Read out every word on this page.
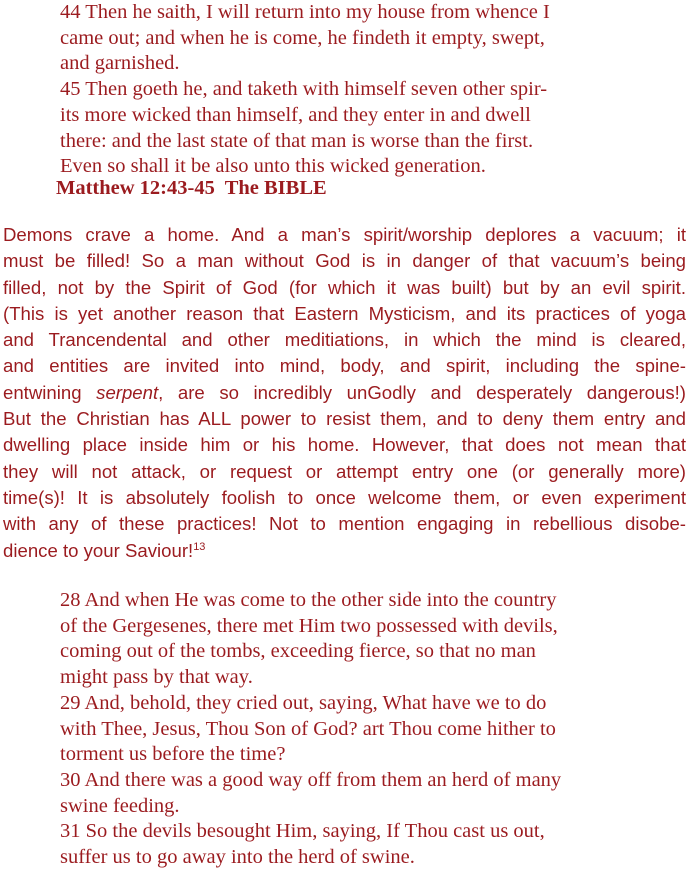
44 Then he saith, I will return into my house from whence I
came out; and when he is come, he findeth it empty, swept,
and garnished.
45 Then goeth he, and taketh with himself seven other spir-
its more wicked than himself, and they enter in and dwell
there: and the last state of that man is worse than the first.
Even so shall it be also unto this wicked generation.
Matthew 12:43-45  The BIBLE
Demons crave a home. And a man’s spirit/worship deplores a vacuum; it
must be filled! So a man without God is in danger of that vacuum’s being
filled, not by the Spirit of God (for which it was built) but by an evil spirit.
(This is yet another reason that Eastern Mysticism, and its practices of yoga
and Trancendental and other meditiations, in which the mind is cleared,
and entities are invited into mind, body, and spirit, including the spine-
entwining serpent, are so incredibly unGodly and desperately dangerous!)
But the Christian has ALL power to resist them, and to deny them entry and
dwelling place inside him or his home. However, that does not mean that
they will not attack, or request or attempt entry one (or generally more)
time(s)! It is absolutely foolish to once welcome them, or even experiment
with any of these practices! Not to mention engaging in rebellious disobe-
dience to your Saviour!$^{13}$
28 And when He was come to the other side into the country
of the Gergesenes, there met Him two possessed with devils,
coming out of the tombs, exceeding fierce, so that no man
might pass by that way.
29 And, behold, they cried out, saying, What have we to do
with Thee, Jesus, Thou Son of God? art Thou come hither to
torment us before the time?
30 And there was a good way off from them an herd of many
swine feeding.
31 So the devils besought Him, saying, If Thou cast us out,
suffer us to go away into the herd of swine.
